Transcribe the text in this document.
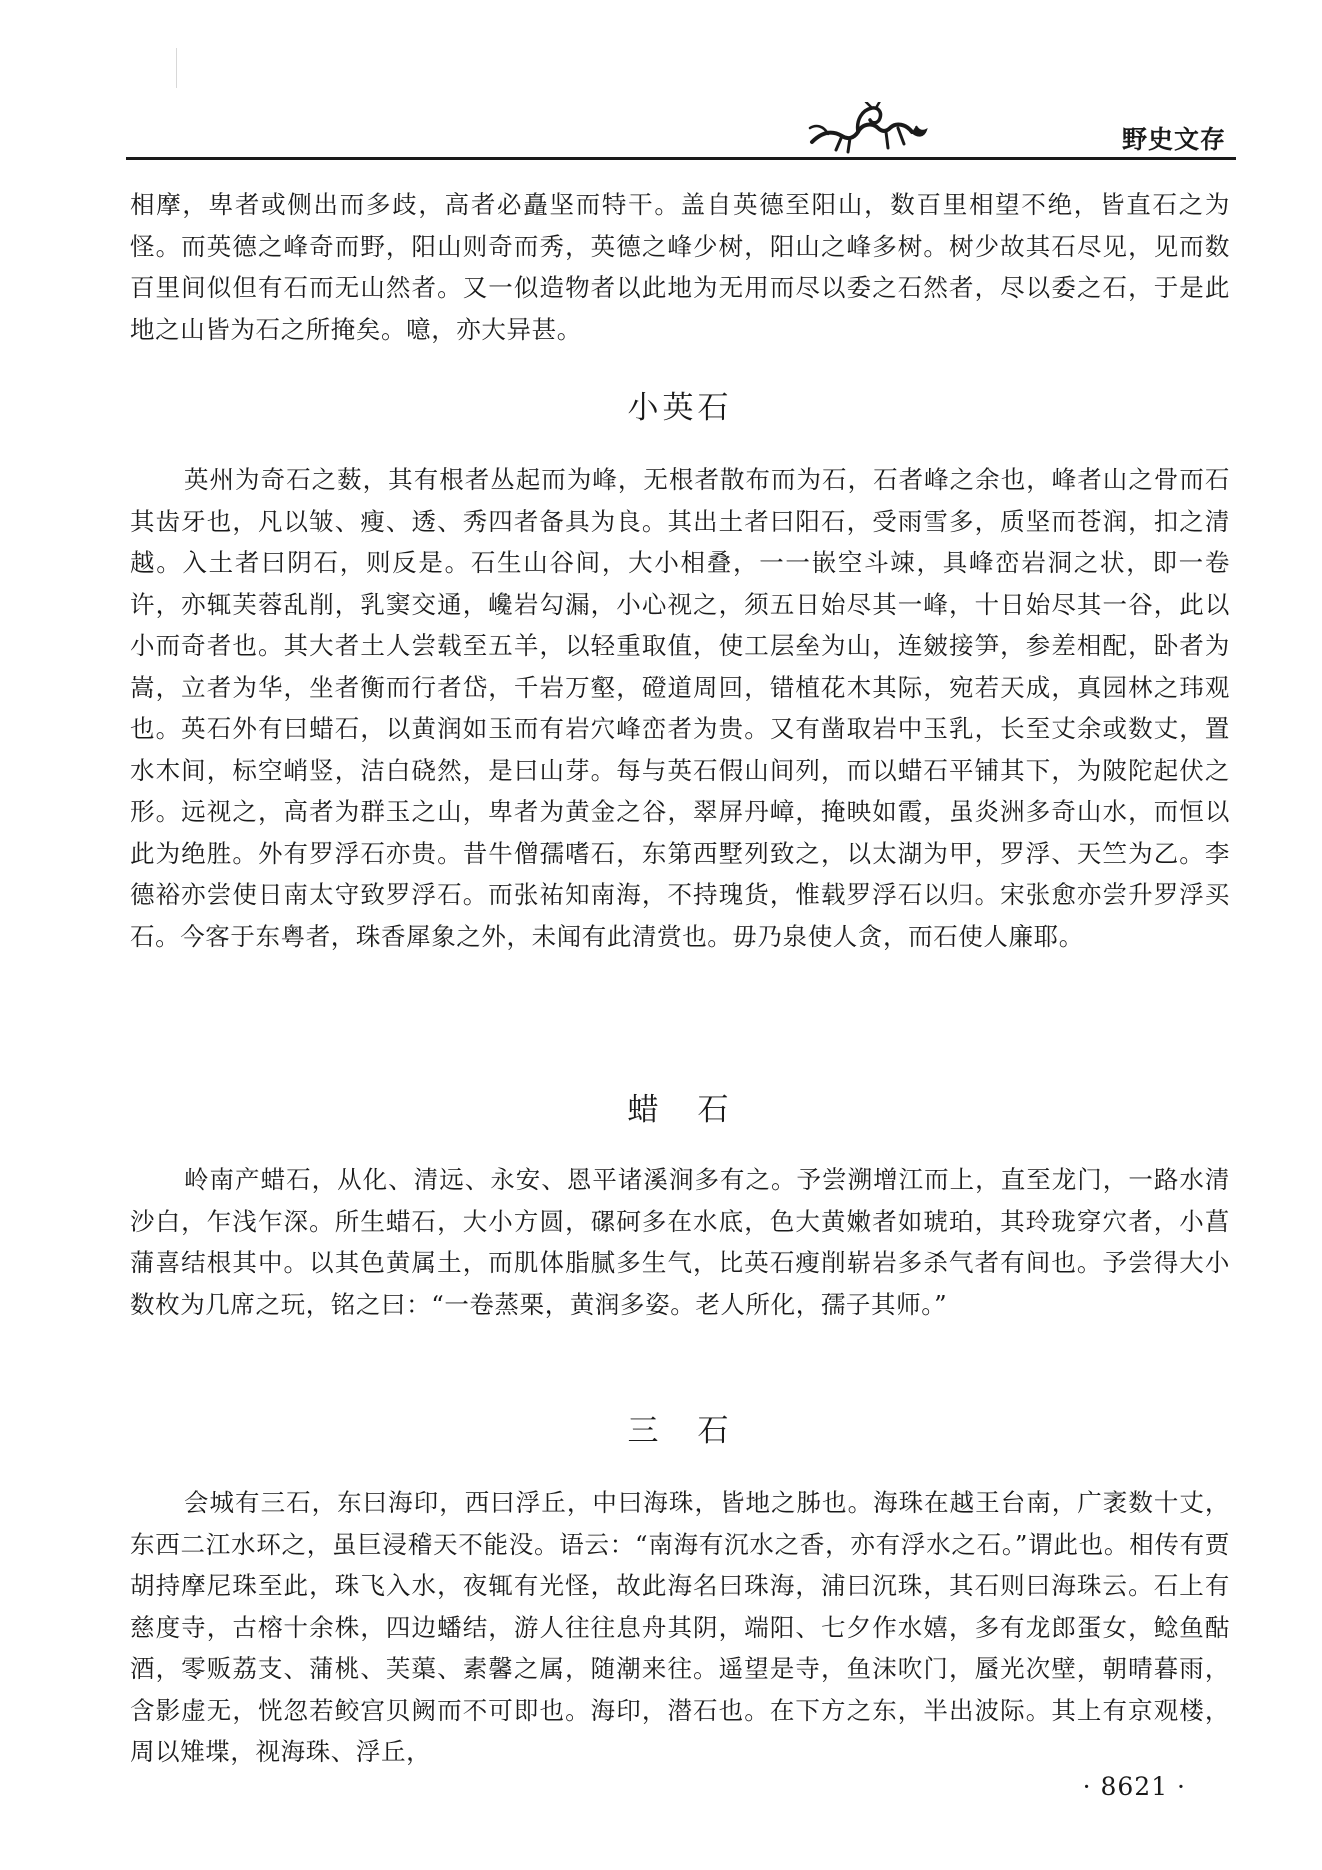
野史文存

相摩，卑者或侧出而多歧，高者必矗坚而特干。盖自英德至阳山，数百里相望不绝，皆直石之为怪。而英德之峰奇而野，阳山则奇而秀，英德之峰少树，阳山之峰多树。树少故其石尽见，见而数百里间似但有石而无山然者。又一似造物者以此地为无用而尽以委之石然者，尽以委之石，于是此地之山皆为石之所掩矣。噫，亦大异甚。

小英石

英州为奇石之薮，其有根者丛起而为峰，无根者散布而为石，石者峰之余也，峰者山之骨而石其齿牙也，凡以皱、瘦、透、秀四者备具为良。其出土者曰阳石，受雨雪多，质坚而苍润，扣之清越。入土者曰阴石，则反是。石生山谷间，大小相叠，一一嵌空斗竦，具峰峦岩洞之状，即一卷许，亦辄芙蓉乱削，乳窦交通，巉岩勾漏，小心视之，须五日始尽其一峰，十日始尽其一谷，此以小而奇者也。其大者土人尝载至五羊，以轻重取值，使工层垒为山，连皴接笋，参差相配，卧者为嵩，立者为华，坐者衡而行者岱，千岩万壑，磴道周回，错植花木其际，宛若天成，真园林之玮观也。英石外有曰蜡石，以黄润如玉而有岩穴峰峦者为贵。又有凿取岩中玉乳，长至丈余或数丈，置水木间，标空峭竖，洁白硗然，是曰山芽。每与英石假山间列，而以蜡石平铺其下，为陂陀起伏之形。远视之，高者为群玉之山，卑者为黄金之谷，翠屏丹嶂，掩映如霞，虽炎洲多奇山水，而恒以此为绝胜。外有罗浮石亦贵。昔牛僧孺嗜石，东第西墅列致之，以太湖为甲，罗浮、天竺为乙。李德裕亦尝使日南太守致罗浮石。而张祐知南海，不持瑰货，惟载罗浮石以归。宋张愈亦尝升罗浮买石。今客于东粤者，珠香犀象之外，未闻有此清赏也。毋乃泉使人贪，而石使人廉耶。

蜡　石

岭南产蜡石，从化、清远、永安、恩平诸溪涧多有之。予尝溯增江而上，直至龙门，一路水清沙白，乍浅乍深。所生蜡石，大小方圆，磥砢多在水底，色大黄嫩者如琥珀，其玲珑穿穴者，小菖蒲喜结根其中。以其色黄属土，而肌体脂腻多生气，比英石瘦削崭岩多杀气者有间也。予尝得大小数枚为几席之玩，铭之曰：“一卷蒸栗，黄润多姿。老人所化，孺子其师。”

三　石

会城有三石，东曰海印，西曰浮丘，中曰海珠，皆地之胏也。海珠在越王台南，广袤数十丈，东西二江水环之，虽巨浸稽天不能没。语云：“南海有沉水之香，亦有浮水之石。”谓此也。相传有贾胡持摩尼珠至此，珠飞入水，夜辄有光怪，故此海名曰珠海，浦曰沉珠，其石则曰海珠云。石上有慈度寺，古榕十余株，四边蟠结，游人往往息舟其阴，端阳、七夕作水嬉，多有龙郎蛋女，鲶鱼酤酒，零贩荔支、蒲桃、芙蕖、素馨之属，随潮来往。遥望是寺，鱼沫吹门，蜃光次壁，朝晴暮雨，含影虚无，恍忽若鲛宫贝阙而不可即也。海印，潜石也。在下方之东，半出波际。其上有京观楼，周以雉堞，视海珠、浮丘，

· 8621 ·
